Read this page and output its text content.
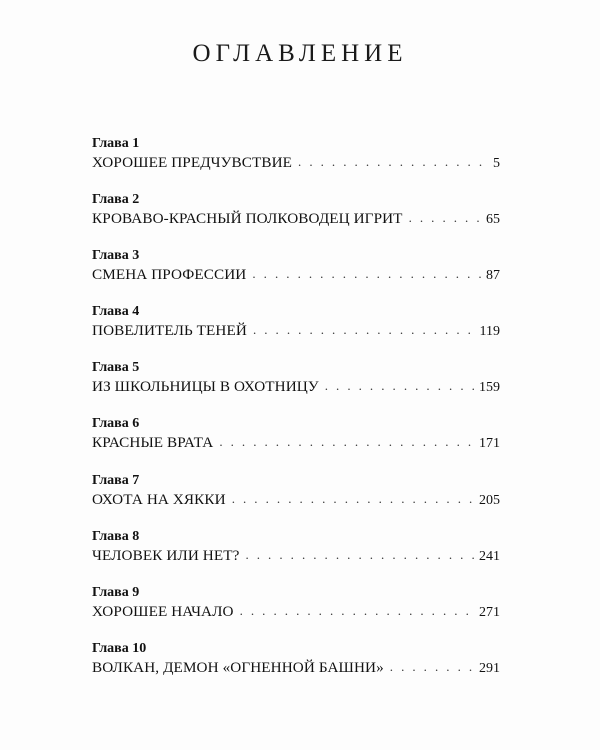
ОГЛАВЛЕНИЕ
Глава 1
ХОРОШЕЕ ПРЕДЧУВСТВИЕ . . .	5
Глава 2
КРОВАВО-КРАСНЫЙ ПОЛКОВОДЕЦ ИГРИТ . . .	65
Глава 3
СМЕНА ПРОФЕССИИ . . .	87
Глава 4
ПОВЕЛИТЕЛЬ ТЕНЕЙ . . .	119
Глава 5
ИЗ ШКОЛЬНИЦЫ В ОХОТНИЦУ . . .	159
Глава 6
КРАСНЫЕ ВРАТА . . .	171
Глава 7
ОХОТА НА ХЯККИ . . .	205
Глава 8
ЧЕЛОВЕК ИЛИ НЕТ? . . .	241
Глава 9
ХОРОШЕЕ НАЧАЛО . . .	271
Глава 10
ВОЛКАН, ДЕМОН «ОГНЕННОЙ БАШНИ» . . .	291
